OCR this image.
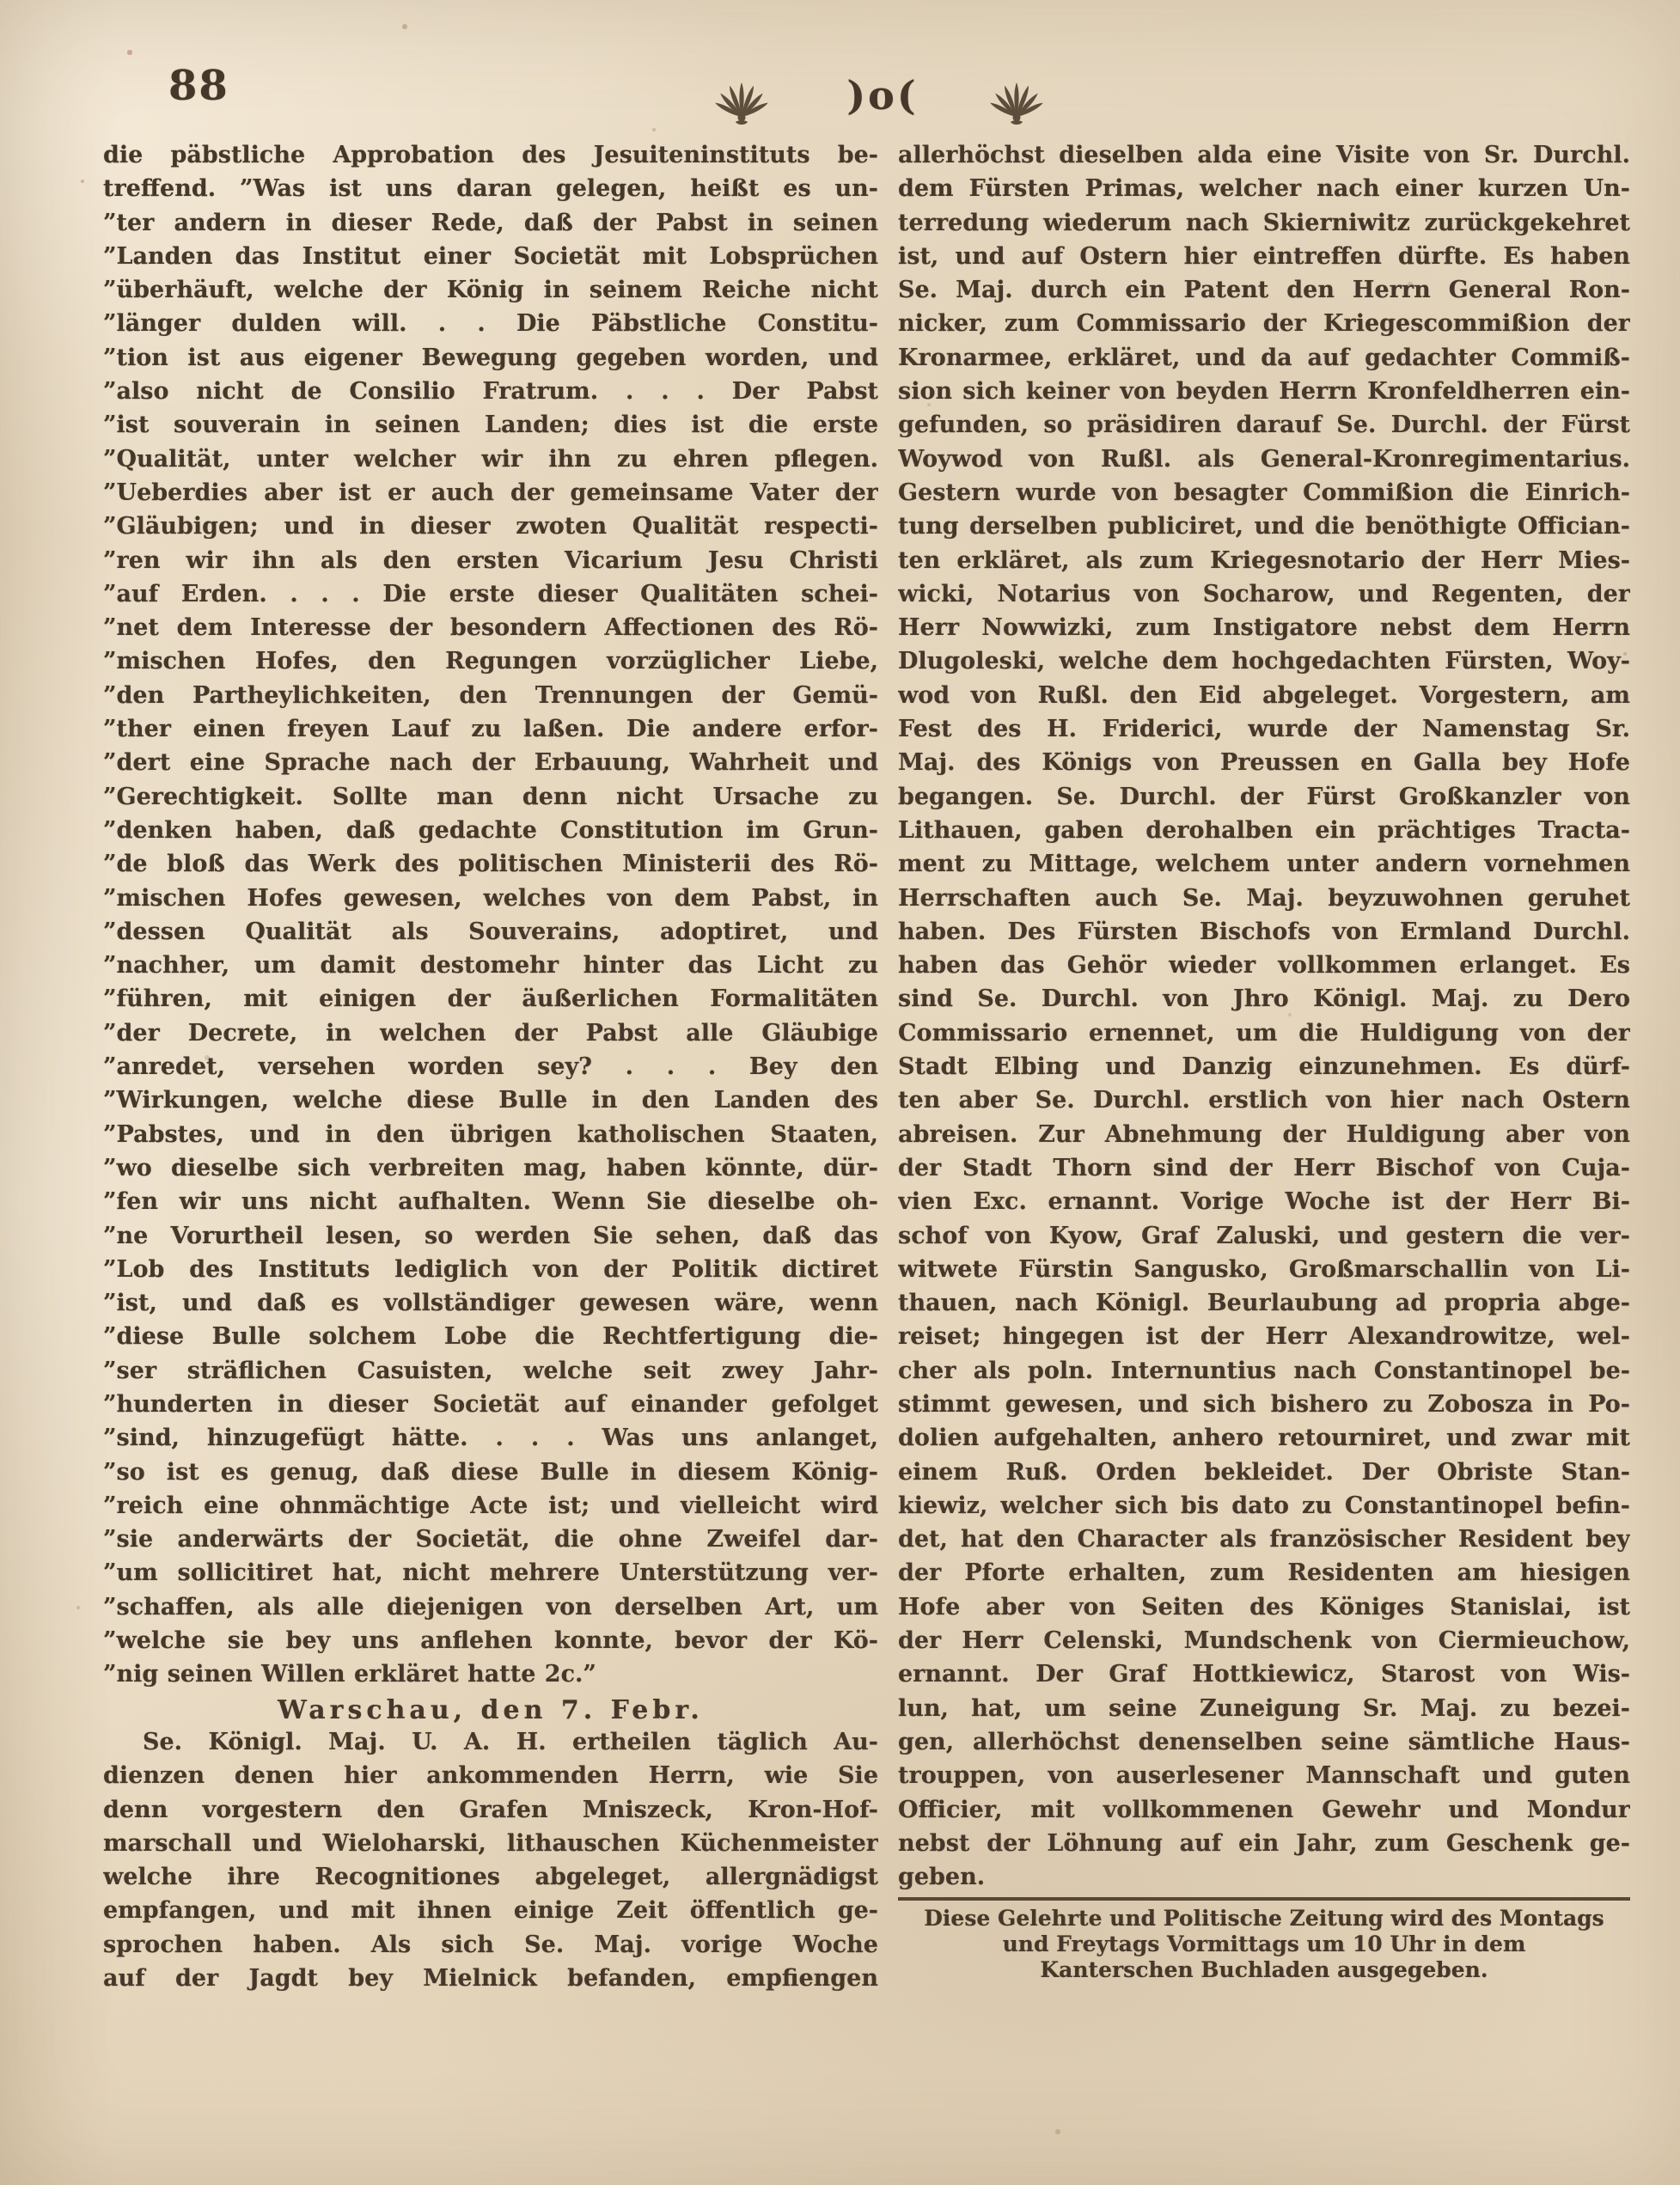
88	)o(
die päbstliche Approbation des Jesuiteninstituts be-
treffend. ”Was ist uns daran gelegen, heißt es un-
”ter andern in dieser Rede, daß der Pabst in seinen
”Landen das Institut einer Societät mit Lobsprüchen
”überhäuft, welche der König in seinem Reiche nicht
”länger dulden will. . . Die Päbstliche Constitu-
”tion ist aus eigener Bewegung gegeben worden, und
”also nicht de Consilio Fratrum. . . . Der Pabst
”ist souverain in seinen Landen; dies ist die erste
”Qualität, unter welcher wir ihn zu ehren pflegen.
”Ueberdies aber ist er auch der gemeinsame Vater der
”Gläubigen; und in dieser zwoten Qualität respecti-
”ren wir ihn als den ersten Vicarium Jesu Christi
”auf Erden. . . . Die erste dieser Qualitäten schei-
”net dem Interesse der besondern Affectionen des Rö-
”mischen Hofes, den Regungen vorzüglicher Liebe,
”den Partheylichkeiten, den Trennungen der Gemü-
”ther einen freyen Lauf zu laßen. Die andere erfor-
”dert eine Sprache nach der Erbauung, Wahrheit und
”Gerechtigkeit. Sollte man denn nicht Ursache zu
”denken haben, daß gedachte Constitution im Grun-
”de bloß das Werk des politischen Ministerii des Rö-
”mischen Hofes gewesen, welches von dem Pabst, in
”dessen Qualität als Souverains, adoptiret, und
”nachher, um damit destomehr hinter das Licht zu
”führen, mit einigen der äußerlichen Formalitäten
”der Decrete, in welchen der Pabst alle Gläubige
”anredet, versehen worden sey? . . . Bey den
”Wirkungen, welche diese Bulle in den Landen des
”Pabstes, und in den übrigen katholischen Staaten,
”wo dieselbe sich verbreiten mag, haben könnte, dür-
”fen wir uns nicht aufhalten. Wenn Sie dieselbe oh-
”ne Vorurtheil lesen, so werden Sie sehen, daß das
”Lob des Instituts lediglich von der Politik dictiret
”ist, und daß es vollständiger gewesen wäre, wenn
”diese Bulle solchem Lobe die Rechtfertigung die-
”ser sträflichen Casuisten, welche seit zwey Jahr-
”hunderten in dieser Societät auf einander gefolget
”sind, hinzugefügt hätte. . . . Was uns anlanget,
”so ist es genug, daß diese Bulle in diesem König-
”reich eine ohnmächtige Acte ist; und vielleicht wird
”sie anderwärts der Societät, die ohne Zweifel dar-
”um sollicitiret hat, nicht mehrere Unterstützung ver-
”schaffen, als alle diejenigen von derselben Art, um
”welche sie bey uns anflehen konnte, bevor der Kö-
”nig seinen Willen erkläret hatte 2c.”
Warschau, den 7. Febr.
Se. Königl. Maj. U. A. H. ertheilen täglich Au-
dienzen denen hier ankommenden Herrn, wie Sie
denn vorgestern den Grafen Mniszeck, Kron-Hof-
marschall und Wieloharski, lithauschen Küchenmeister
welche ihre Recognitiones abgeleget, allergnädigst
empfangen, und mit ihnen einige Zeit öffentlich ge-
sprochen haben. Als sich Se. Maj. vorige Woche
auf der Jagdt bey Mielnick befanden, empfiengen
allerhöchst dieselben alda eine Visite von Sr. Durchl.
dem Fürsten Primas, welcher nach einer kurzen Un-
terredung wiederum nach Skierniwitz zurückgekehret
ist, und auf Ostern hier eintreffen dürfte. Es haben
Se. Maj. durch ein Patent den Herrn General Ron-
nicker, zum Commissario der Kriegescommißion der
Kronarmee, erkläret, und da auf gedachter Commiß-
sion sich keiner von beyden Herrn Kronfeldherren ein-
gefunden, so präsidiren darauf Se. Durchl. der Fürst
Woywod von Rußl. als General-Kronregimentarius.
Gestern wurde von besagter Commißion die Einrich-
tung derselben publiciret, und die benöthigte Offician-
ten erkläret, als zum Kriegesnotario der Herr Mies-
wicki, Notarius von Socharow, und Regenten, der
Herr Nowwizki, zum Instigatore nebst dem Herrn
Dlugoleski, welche dem hochgedachten Fürsten, Woy-
wod von Rußl. den Eid abgeleget. Vorgestern, am
Fest des H. Friderici, wurde der Namenstag Sr.
Maj. des Königs von Preussen en Galla bey Hofe
begangen. Se. Durchl. der Fürst Großkanzler von
Lithauen, gaben derohalben ein prächtiges Tracta-
ment zu Mittage, welchem unter andern vornehmen
Herrschaften auch Se. Maj. beyzuwohnen geruhet
haben. Des Fürsten Bischofs von Ermland Durchl.
haben das Gehör wieder vollkommen erlanget. Es
sind Se. Durchl. von Jhro Königl. Maj. zu Dero
Commissario ernennet, um die Huldigung von der
Stadt Elbing und Danzig einzunehmen. Es dürf-
ten aber Se. Durchl. erstlich von hier nach Ostern
abreisen. Zur Abnehmung der Huldigung aber von
der Stadt Thorn sind der Herr Bischof von Cuja-
vien Exc. ernannt. Vorige Woche ist der Herr Bi-
schof von Kyow, Graf Zaluski, und gestern die ver-
witwete Fürstin Sangusko, Großmarschallin von Li-
thauen, nach Königl. Beurlaubung ad propria abge-
reiset; hingegen ist der Herr Alexandrowitze, wel-
cher als poln. Internuntius nach Constantinopel be-
stimmt gewesen, und sich bishero zu Zobosza in Po-
dolien aufgehalten, anhero retourniret, und zwar mit
einem Ruß. Orden bekleidet. Der Obriste Stan-
kiewiz, welcher sich bis dato zu Constantinopel befin-
det, hat den Character als französischer Resident bey
der Pforte erhalten, zum Residenten am hiesigen
Hofe aber von Seiten des Königes Stanislai, ist
der Herr Celenski, Mundschenk von Ciermieuchow,
ernannt. Der Graf Hottkiewicz, Starost von Wis-
lun, hat, um seine Zuneigung Sr. Maj. zu bezei-
gen, allerhöchst denenselben seine sämtliche Haus-
trouppen, von auserlesener Mannschaft und guten
Officier, mit vollkommenen Gewehr und Mondur
nebst der Löhnung auf ein Jahr, zum Geschenk ge-
geben.
Diese Gelehrte und Politische Zeitung wird des Montags
und Freytags Vormittags um 10 Uhr in dem
Kanterschen Buchladen ausgegeben.
